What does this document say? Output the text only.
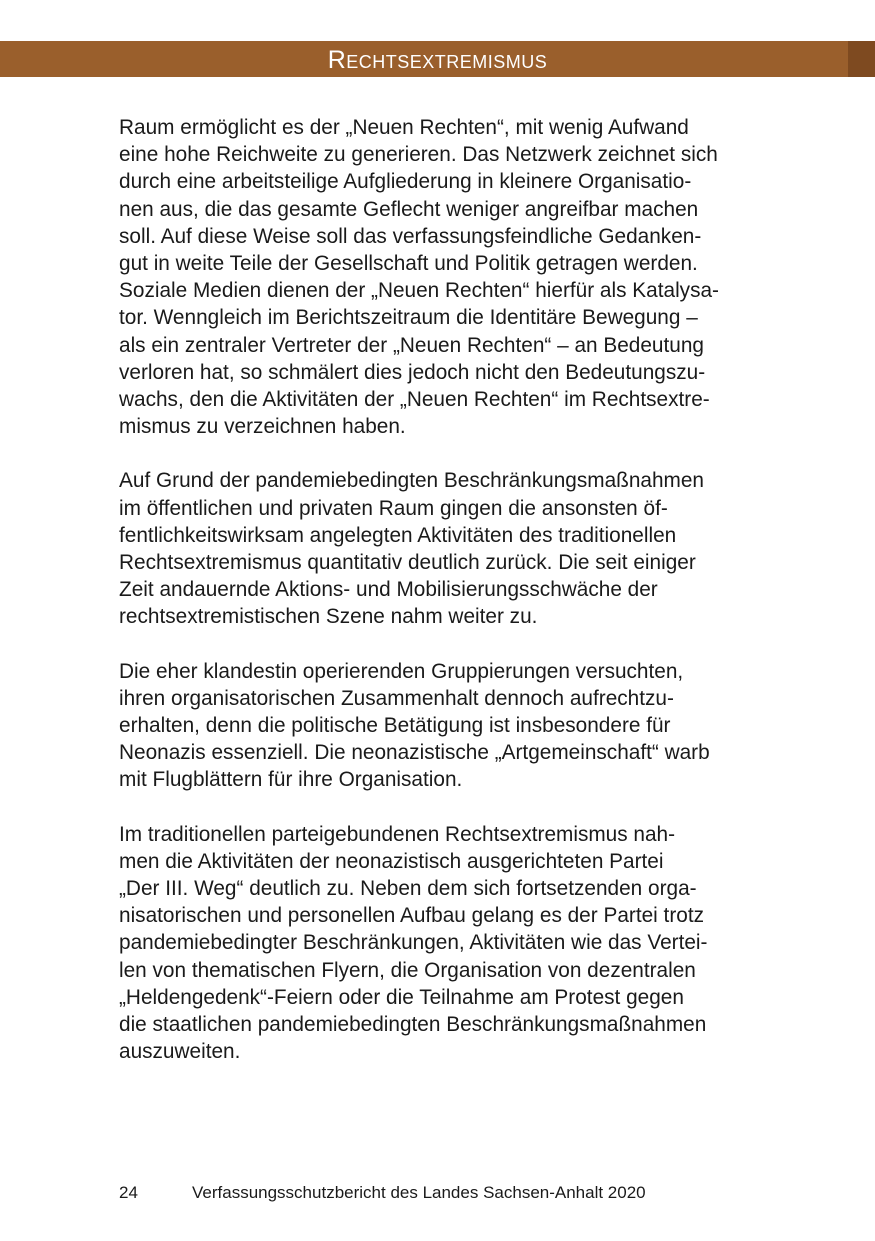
Rechtsextremismus

Raum ermöglicht es der „Neuen Rechten“, mit wenig Aufwand
eine hohe Reichweite zu generieren. Das Netzwerk zeichnet sich
durch eine arbeitsteilige Aufgliederung in kleinere Organisatio-
nen aus, die das gesamte Geflecht weniger angreifbar machen
soll. Auf diese Weise soll das verfassungsfeindliche Gedanken-
gut in weite Teile der Gesellschaft und Politik getragen werden.
Soziale Medien dienen der „Neuen Rechten“ hierfür als Katalysa-
tor. Wenngleich im Berichtszeitraum die Identitäre Bewegung –
als ein zentraler Vertreter der „Neuen Rechten“ – an Bedeutung
verloren hat, so schmälert dies jedoch nicht den Bedeutungszu-
wachs, den die Aktivitäten der „Neuen Rechten“ im Rechtsextre-
mismus zu verzeichnen haben.

Auf Grund der pandemiebedingten Beschränkungsmaßnahmen
im öffentlichen und privaten Raum gingen die ansonsten öf-
fentlichkeitswirksam angelegten Aktivitäten des traditionellen
Rechtsextremismus quantitativ deutlich zurück. Die seit einiger
Zeit andauernde Aktions- und Mobilisierungsschwäche der
rechtsextremistischen Szene nahm weiter zu.

Die eher klandestin operierenden Gruppierungen versuchten,
ihren organisatorischen Zusammenhalt dennoch aufrechtzu-
erhalten, denn die politische Betätigung ist insbesondere für
Neonazis essenziell. Die neonazistische „Artgemeinschaft“ warb
mit Flugblättern für ihre Organisation.

Im traditionellen parteigebundenen Rechtsextremismus nah-
men die Aktivitäten der neonazistisch ausgerichteten Partei
„Der III. Weg“ deutlich zu. Neben dem sich fortsetzenden orga-
nisatorischen und personellen Aufbau gelang es der Partei trotz
pandemiebedingter Beschränkungen, Aktivitäten wie das Vertei-
len von thematischen Flyern, die Organisation von dezentralen
„Heldengedenk“-Feiern oder die Teilnahme am Protest gegen
die staatlichen pandemiebedingten Beschränkungsmaßnahmen
auszuweiten.

24	Verfassungsschutzbericht des Landes Sachsen-Anhalt 2020
